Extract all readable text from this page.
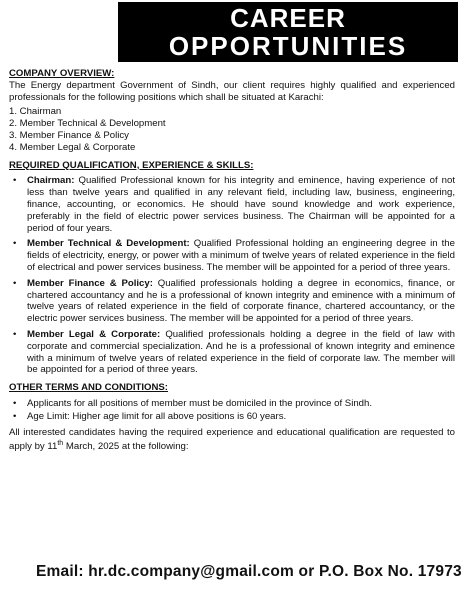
CAREER
OPPORTUNITIES
COMPANY OVERVIEW:

The Energy department Government of Sindh, our client requires highly qualified and experienced professionals for the following positions which shall be situated at Karachi:

1. Chairman
2. Member Technical & Development
3. Member Finance & Policy
4. Member Legal & Corporate
REQUIRED QUALIFICATION, EXPERIENCE & SKILLS:
•	Chairman: Qualified Professional known for his integrity and eminence, having experience of not less than twelve years and qualified in any relevant field, including law, business, engineering, finance, accounting, or economics. He should have sound knowledge and work experience, preferably in the field of electric power services business. The Chairman will be appointed for a period of four years.
•	Member Technical & Development: Qualified Professional holding an engineering degree in the fields of electricity, energy, or power with a minimum of twelve years of related experience in the field of electrical and power services business. The member will be appointed for a period of three years.
•	Member Finance & Policy: Qualified professionals holding a degree in economics, finance, or chartered accountancy and he is a professional of known integrity and eminence with a minimum of twelve years of related experience in the field of corporate finance, chartered accountancy, or the electric power services business. The member will be appointed for a period of three years.
•	Member Legal & Corporate: Qualified professionals holding a degree in the field of law with corporate and commercial specialization. And he is a professional of known integrity and eminence with a minimum of twelve years of related experience in the field of corporate law. The member will be appointed for a period of three years.
OTHER TERMS AND CONDITIONS:
•	Applicants for all positions of member must be domiciled in the province of Sindh.
•	Age Limit: Higher age limit for all above positions is 60 years.

All interested candidates having the required experience and educational qualification are requested to apply by 11th March, 2025 at the following:

Email: hr.dc.company@gmail.com or P.O. Box No. 17973
